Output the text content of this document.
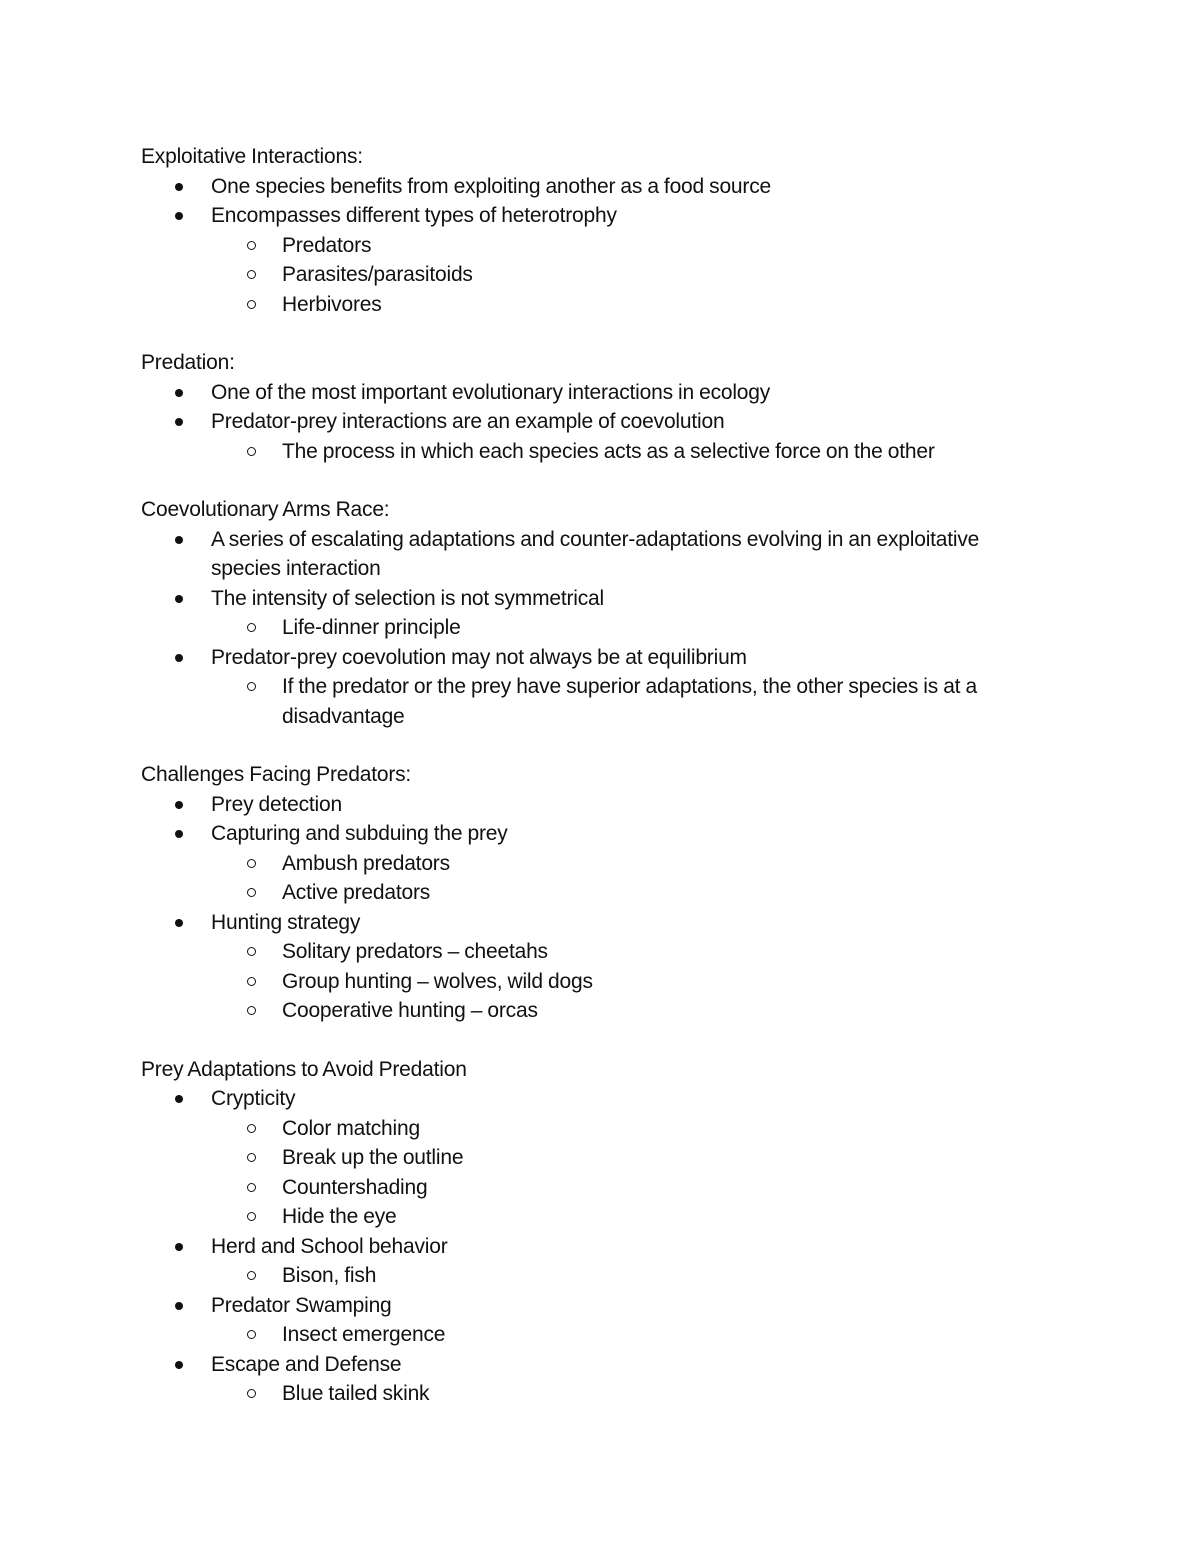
Exploitative Interactions:

One species benefits from exploiting another as a food source
Encompasses different types of heterotrophy
Predators
Parasites/parasitoids
Herbivores

Predation:

One of the most important evolutionary interactions in ecology
Predator-prey interactions are an example of coevolution
The process in which each species acts as a selective force on the other

Coevolutionary Arms Race:

A series of escalating adaptations and counter-adaptations evolving in an exploitative species interaction
The intensity of selection is not symmetrical
Life-dinner principle
Predator-prey coevolution may not always be at equilibrium
If the predator or the prey have superior adaptations, the other species is at a disadvantage

Challenges Facing Predators:

Prey detection
Capturing and subduing the prey
Ambush predators
Active predators
Hunting strategy
Solitary predators – cheetahs
Group hunting – wolves, wild dogs
Cooperative hunting – orcas

Prey Adaptations to Avoid Predation

Crypticity
Color matching
Break up the outline
Countershading
Hide the eye
Herd and School behavior
Bison, fish
Predator Swamping
Insect emergence
Escape and Defense
Blue tailed skink
